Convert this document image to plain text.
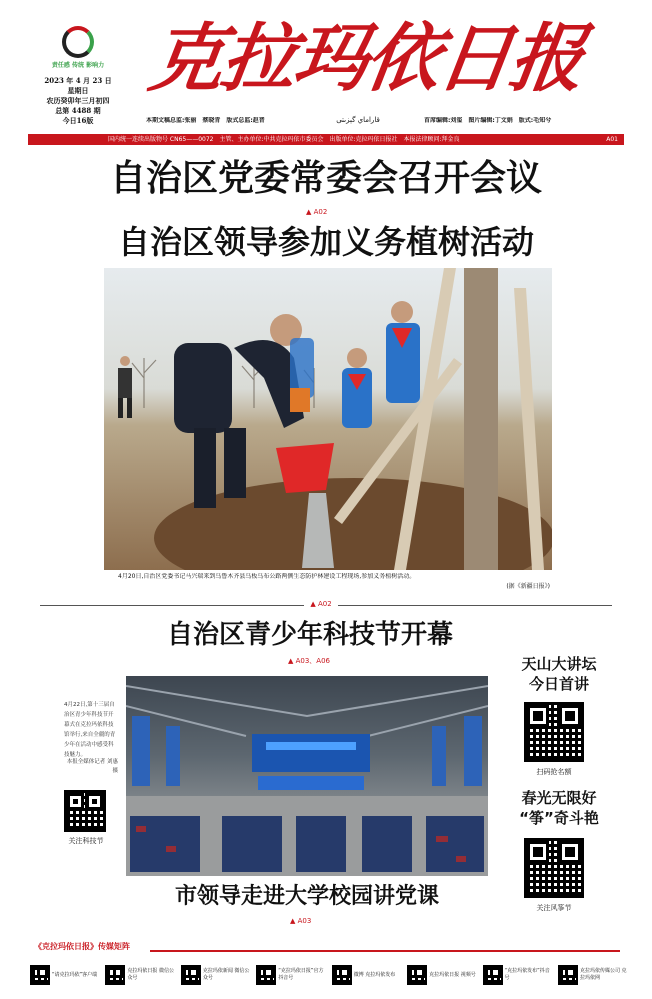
责任感 传统 影响力
2023 年 4 月 23 日
星期日
农历癸卯年三月初四
总第 4488 期
今日16版
克拉玛依日报
本期文稿总监:张丽　蔡晓青　版式总监:赵晋	قاراماي گېزىتى	首席编辑:刘玺　图片编辑:丁文娟　版式:毛知兮
国内统一连续出版物号 CN65——0072　主管、主办单位:中共克拉玛依市委员会　出版单位:克拉玛依日报社　本报法律顾问:拜金良	A01
自治区党委常委会召开会议
▲ A02
自治区领导参加义务植树活动
4月20日,自治区党委书记马兴瑞来到乌鲁木齐县乌板乌布公路两侧生态防护林建设工程现场,参加义务植树活动。
(据《新疆日报》)
▲ A02
自治区青少年科技节开幕
▲ A03、A06
4月22日,第十三届自治区青少年科技节开幕式在克拉玛依科技馆举行,来自全疆的青少年在活动中感受科技魅力。
本报全媒体记者 刘惠 摄
关注科技节
天山大讲坛
今日首讲
扫码抢名额
春光无限好
“筝”奇斗艳
关注风筝节
市领导走进大学校园讲党课
▲ A03
《克拉玛依日报》传媒矩阵
“请克拉玛依”客户端
克拉玛依日报 微信公众号
克拉玛依新闻 微信公众号
“克拉玛依日报”官方抖音号
微博 克拉玛依发布	克拉玛依日报 视频号
“克拉玛依发布”抖音号
克拉玛依传媒公司 克拉玛依网
